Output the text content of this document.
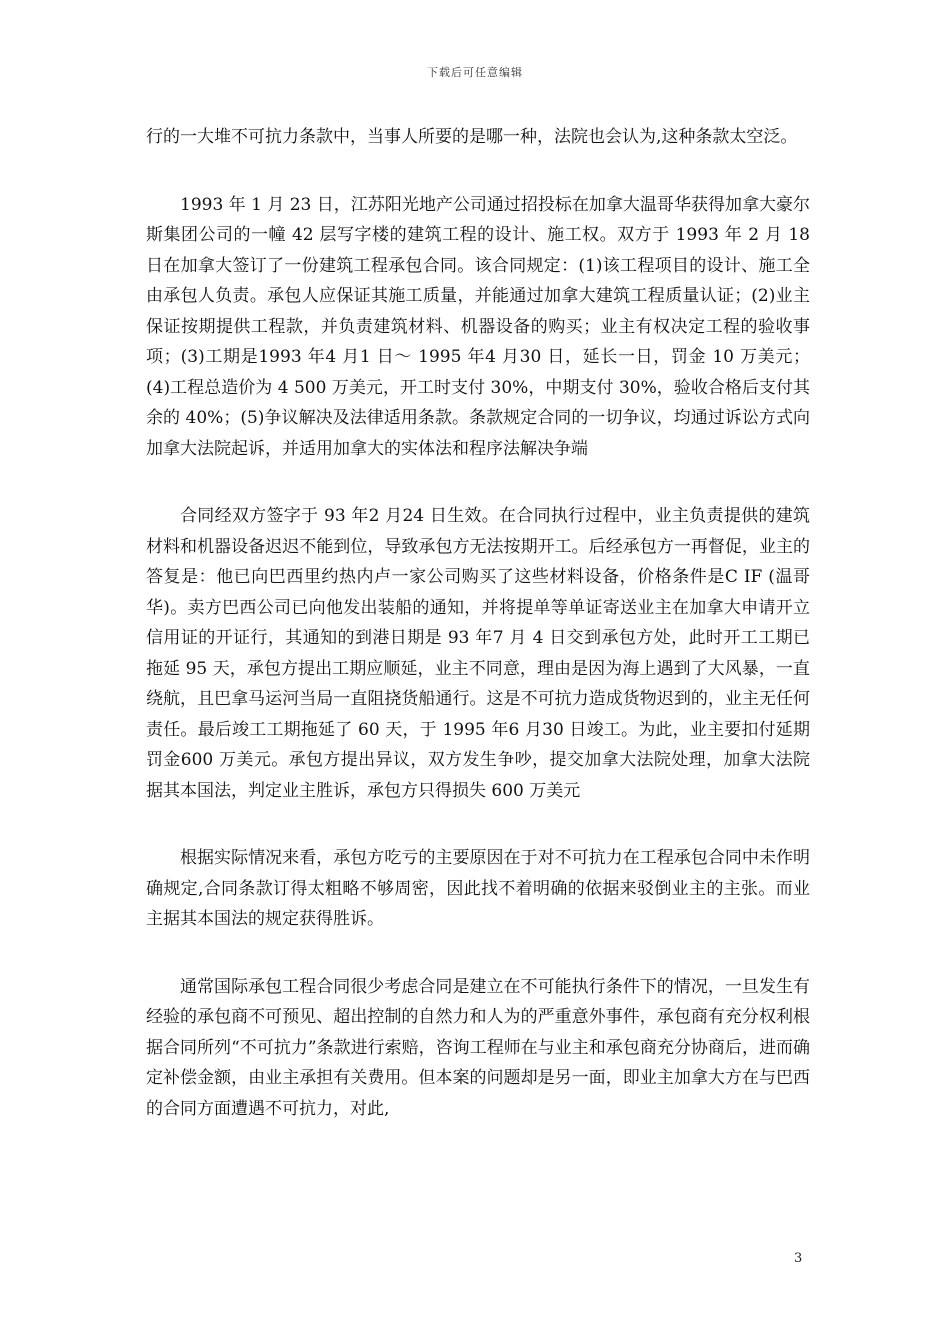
下载后可任意编辑

行的一大堆不可抗力条款中，当事人所要的是哪一种，法院也会认为,这种条款太空泛。

1993 年 1 月 23 日，江苏阳光地产公司通过招投标在加拿大温哥华获得加拿大豪尔斯集团公司的一幢 42 层写字楼的建筑工程的设计、施工权。双方于 1993 年 2 月 18 日在加拿大签订了一份建筑工程承包合同。该合同规定：(1)该工程项目的设计、施工全由承包人负责。承包人应保证其施工质量，并能通过加拿大建筑工程质量认证；(2)业主保证按期提供工程款，并负责建筑材料、机器设备的购买；业主有权决定工程的验收事项；(3)工期是1993 年4 月1 日～ 1995 年4 月30 日，延长一日，罚金 10 万美元；(4)工程总造价为 4 500 万美元，开工时支付 30%，中期支付 30%，验收合格后支付其余的 40%；(5)争议解决及法律适用条款。条款规定合同的一切争议，均通过诉讼方式向加拿大法院起诉，并适用加拿大的实体法和程序法解决争端

合同经双方签字于 93 年2 月24 日生效。在合同执行过程中，业主负责提供的建筑材料和机器设备迟迟不能到位，导致承包方无法按期开工。后经承包方一再督促，业主的答复是：他已向巴西里约热内卢一家公司购买了这些材料设备，价格条件是C IF (温哥华)。卖方巴西公司已向他发出装船的通知，并将提单等单证寄送业主在加拿大申请开立信用证的开证行，其通知的到港日期是 93 年7 月 4 日交到承包方处，此时开工工期已拖延 95 天，承包方提出工期应顺延，业主不同意，理由是因为海上遇到了大风暴，一直绕航，且巴拿马运河当局一直阻挠货船通行。这是不可抗力造成货物迟到的，业主无任何责任。最后竣工工期拖延了 60 天，于 1995 年6 月30 日竣工。为此，业主要扣付延期罚金600 万美元。承包方提出异议，双方发生争吵，提交加拿大法院处理，加拿大法院据其本国法，判定业主胜诉，承包方只得损失 600 万美元

根据实际情况来看，承包方吃亏的主要原因在于对不可抗力在工程承包合同中未作明确规定,合同条款订得太粗略不够周密，因此找不着明确的依据来驳倒业主的主张。而业主据其本国法的规定获得胜诉。

通常国际承包工程合同很少考虑合同是建立在不可能执行条件下的情况，一旦发生有经验的承包商不可预见、超出控制的自然力和人为的严重意外事件，承包商有充分权利根据合同所列“不可抗力”条款进行索赔，咨询工程师在与业主和承包商充分协商后，进而确定补偿金额，由业主承担有关费用。但本案的问题却是另一面，即业主加拿大方在与巴西的合同方面遭遇不可抗力，对此,

3
